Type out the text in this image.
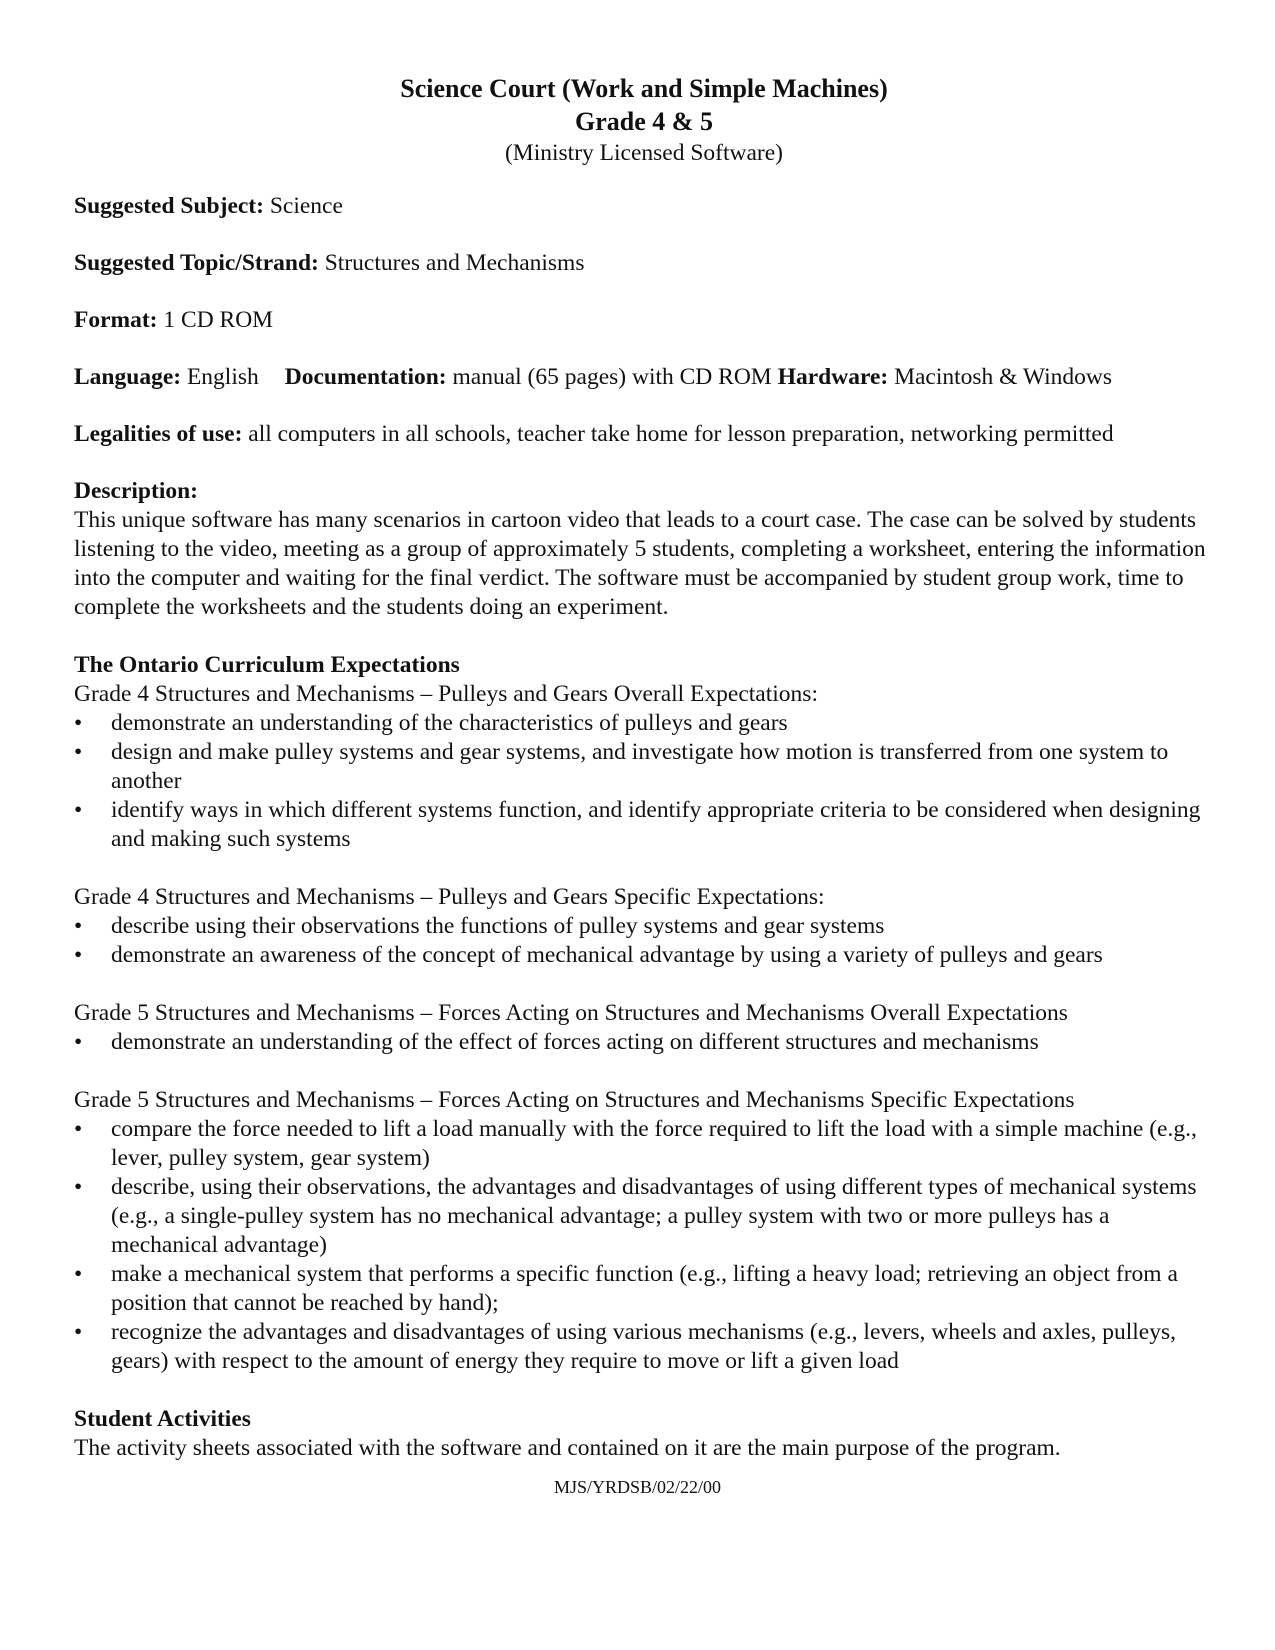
Science Court (Work and Simple Machines)
Grade 4 & 5
(Ministry Licensed Software)

Suggested Subject: Science

Suggested Topic/Strand: Structures and Mechanisms

Format: 1 CD ROM

Language: English Documentation: manual (65 pages) with CD ROM Hardware: Macintosh & Windows

Legalities of use: all computers in all schools, teacher take home for lesson preparation, networking permitted

Description:

This unique software has many scenarios in cartoon video that leads to a court case. The case can be solved by students listening to the video, meeting as a group of approximately 5 students, completing a worksheet, entering the information into the computer and waiting for the final verdict. The software must be accompanied by student group work, time to complete the worksheets and the students doing an experiment.

The Ontario Curriculum Expectations

Grade 4 Structures and Mechanisms – Pulleys and Gears Overall Expectations:

•	demonstrate an understanding of the characteristics of pulleys and gears
•	design and make pulley systems and gear systems, and investigate how motion is transferred from one system to another
•	identify ways in which different systems function, and identify appropriate criteria to be considered when designing and making such systems

Grade 4 Structures and Mechanisms – Pulleys and Gears Specific Expectations:

•	describe using their observations the functions of pulley systems and gear systems
•	demonstrate an awareness of the concept of mechanical advantage by using a variety of pulleys and gears

Grade 5 Structures and Mechanisms – Forces Acting on Structures and Mechanisms Overall Expectations

•	demonstrate an understanding of the effect of forces acting on different structures and mechanisms

Grade 5 Structures and Mechanisms – Forces Acting on Structures and Mechanisms Specific Expectations

•	compare the force needed to lift a load manually with the force required to lift the load with a simple machine (e.g., lever, pulley system, gear system)
•	describe, using their observations, the advantages and disadvantages of using different types of mechanical systems (e.g., a single-pulley system has no mechanical advantage; a pulley system with two or more pulleys has a mechanical advantage)
•	make a mechanical system that performs a specific function (e.g., lifting a heavy load; retrieving an object from a position that cannot be reached by hand);
•	recognize the advantages and disadvantages of using various mechanisms (e.g., levers, wheels and axles, pulleys, gears) with respect to the amount of energy they require to move or lift a given load

Student Activities

The activity sheets associated with the software and contained on it are the main purpose of the program.

MJS/YRDSB/02/22/00
